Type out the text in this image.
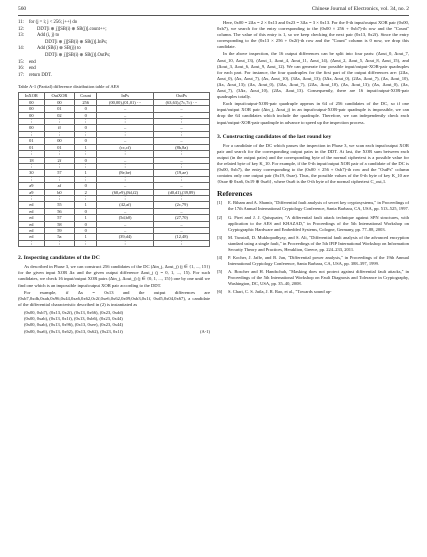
560	Chinese Journal of Electronics, vol. 34, no. 2
11:	for (j = i; j < 256; j++) do
12:	DDT[i ⊕ j][SB(i) ⊕ SB(j)].count++;
13:	Add (i, j) to
DDT[i ⊕ j][SB(i) ⊕ SB(j)].InPs;
14:	Add (SB(i) ⊕ SB(j)) to
DDT[i ⊕ j][SB(i) ⊕ SB(j)].OutPs;
15:	end
16:	end
17:	return DDT.
Table A-1 (Partial) difference distribution table of AES
InXOR	OutXOR	Count	InPs	OutPs
00	00	256	(00,00),(01,01) ⋯	(63,63),(7c,7c) ⋯
00	01	0	–	–
00	02	0	–	–
⋮	⋮	⋮	⋮	⋮
00	ff	0	–	–
⋮	⋮	⋮	⋮	⋮
01	00	0	–	–
01	01	1	(cc,cf)	(8b,8a)
⋮	⋮	⋮	⋮	⋮
18	2f	0	–	–
⋮	⋮	⋮	⋮	⋮
30	57	1	(8e,be)	(19,ae)
⋮	⋮	⋮	⋮	⋮
a9	af	0	–	–
a9	b0	2	(60,e9),(8d,f2)	(d0,d1),(39,89)
⋮	⋮	⋮	⋮	⋮
ed	55	1	(42,af)	(2c,79)
ed	56	0	–	–
ed	57	1	(5d,b0)	(27,70)
ed	58	0	–	–
ed	59	0	–	–
ed	5a	1	(39,d4)	(12,48)
⋮	⋮	⋮	⋮	⋮
2. Inspecting candidates of the DC

As described in Phase 3, we can construct 256 candidates of the DC (Δin_j, Δout_j) (j ∈ {1, ..., 15}) for the given input XOR Δx and the given output difference Δout_j (j = 0, 1, ..., 15). For such candidates, we check 16 input/output XOR pairs (Δin_j, Δout_j) (j ∈ {0, 1, ..., 15}) one by one until we find one which is an impossible input/output XOR pair according to the DDT.

For example, if Δx = 0x13 and the output differences are (0xb7,0xdb,0xab,0x96,0x44,0xa6,0x62,0c2f,0xe6,0x62,0x09,0xb3,0x1f, 0xd5,0x04,0x67), a candidate of the differential characteristic described in (2) is instantiated as

(0x00, 0xb7), (0x13, 0x2f), (0x13, 0x66), (0x23, 0xdd)
(0x00, 0xab), (0x13, 0x1f), (0x13, 0xb6), (0x23, 0x44)
(0x00, 0xab), (0x13, 0x96), (0x13, 0xee), (0x23, 0x44)
(0x00, 0xa6), (0x13, 0x62), (0x13, 0x62), (0x23, 0x1f)	(A-1)

Here, 0x00 = 2Δx = 2 × 0x13 and 0x23 = 3Δx = 3 × 0x13. For the 0-th input/output XOR pair (0x00, 0xb7), we search for the entry corresponding to the (0x00 × 256 + 0xb7)-th row and the "Count" column. The value of this entry is 1, so we keep checking the next pair (0x13, 0x2f). Since the entry corresponding to the (0x13 × 256 + 0x2f)-th row and the "Count" column is 0 now, we drop this candidate.

In the above inspection, the 16 output differences can be split into four parts: (Δout_0, Δout_7, Δout_10, Δout_13), (Δout_1, Δout_4, Δout_11, Δout_14), (Δout_2, Δout_5, Δout_8, Δout_15), and (Δout_3, Δout_6, Δout_9, Δout_12). We can generate four possible input/output-XOR-pair quadruples for each part. For instance, the four quadruples for the first part of the output differences are: (2Δx, Δout_0), (Δx, Δout_7), (Δx, Δout_10), (3Δx, Δout_13); (3Δx, Δout_0), (2Δx, Δout_7), (Δx, Δout_10), (Δx, Δout_13); (Δx, Δout_0), (3Δx, Δout_7), (2Δx, Δout_10), (Δx, Δout_13); (Δx, Δout_0), (Δx, Δout_7), (3Δx, Δout_10), (2Δx, Δout_13). Consequently, there are 16 input/output-XOR-pair quadruples totally.

Each input/output-XOR-pair quadruple appears in 64 of 256 candidates of the DC, so if one input/output XOR pair (Δin_j, Δout_j) in an input/output-XOR-pair quadruple is impossible, we can drop the 64 candidates which include the quadruple. Therefore, we can independently check each input/output-XOR-pair quadruple in advance to speed up the inspection process.

3. Constructing candidates of the last round key

For a candidate of the DC which passes the inspection in Phase 3, we scan each input/output XOR pair and search for the corresponding output pairs in the DDT. At last, the XOR sum between each output (in the output pairs) and the corresponding byte of the normal ciphertext is a possible value for the related byte of key K_10. For example, if the 0-th input/output XOR pair of a candidate of the DC is (0x00, 0xb7), the entry corresponding to the (0x00 × 256 + 0xb7)-th row and the "OutPs" column contains only one output pair (0x19, 0xae). Thus, the possible values of the 0-th byte of key K_10 are {0xae ⊕ 0xa6, 0x19 ⊕ 0xa6}, where 0xa6 is the 0-th byte of the normal ciphertext C_out,1.

References
[1]	E. Biham and A. Shamir, "Differential fault analysis of secret key cryptosystems," in Proceedings of the 17th Annual International Cryptology Conference, Santa Barbara, CA, USA, pp. 513–525, 1997.
[2]	G. Piret and J. J. Quisquater, "A differential fault attack technique against SPN structures, with application to the AES and KHAZAD," in Proceedings of the 5th International Workshop on Cryptographic Hardware and Embedded Systems, Cologne, Germany, pp. 77–88, 2003.
[3]	M. Tunstall, D. Mukhopadhyay, and S. Ali, "Differential fault analysis of the advanced encryption standard using a single fault," in Proceedings of the 5th IFIP International Workshop on Information Security Theory and Practices, Heraklion, Greece, pp. 224–233, 2011.
[4]	P. Kocher, J. Jaffe, and B. Jun, "Differential power analysis," in Proceedings of the 19th Annual International Cryptology Conference, Santa Barbara, CA, USA, pp. 388–397, 1999.
[5]	A. Boscher and H. Handschuh, "Masking does not protect against differential fault attacks," in Proceedings of the 5th International Workshop on Fault Diagnosis and Tolerance in Cryptography, Washington, DC, USA, pp. 35–40, 2008.
[6]	S. Chari, C. S. Jutla, J. R. Rao, et al., "Towards sound ap-
